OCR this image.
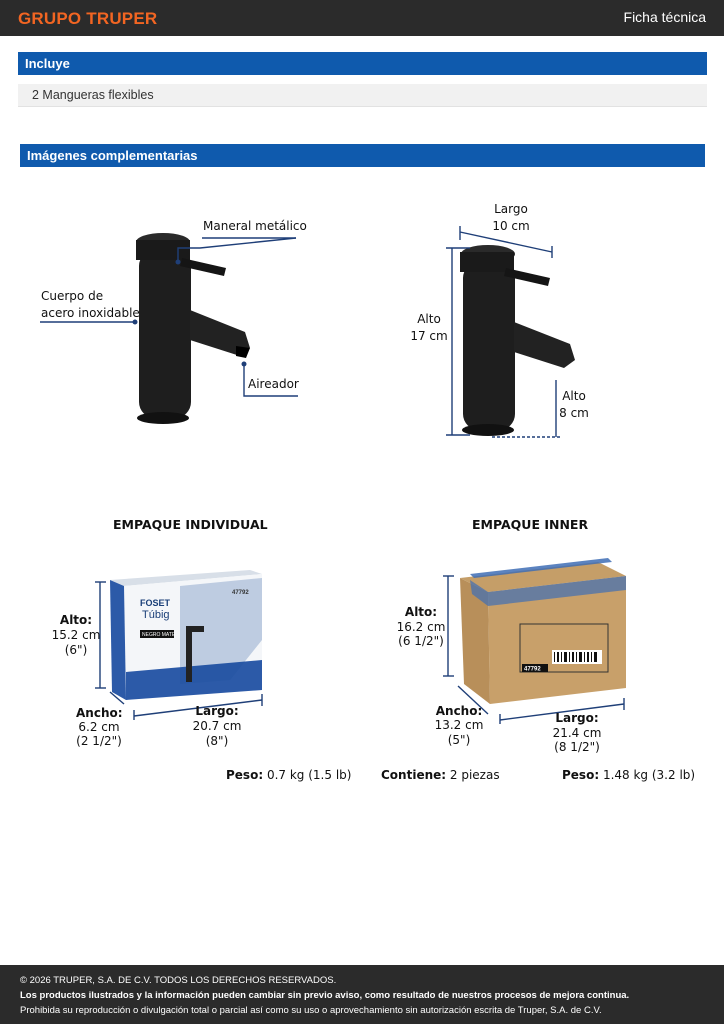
GRUPO TRUPER	Ficha técnica
Incluye
2 Mangueras flexibles
Imágenes complementarias
FOSET
Túbig
47792
NEGRO MATE
47792
Maneral metálico
Cuerpo de
acero inoxidable
Aireador
Largo
10 cm
Alto
17 cm
Alto
8 cm
EMPAQUE INDIVIDUAL
Alto:
15.2 cm
(6")
Ancho:
6.2 cm
(2 1/2")
Largo:
20.7 cm
(8")
Peso: 0.7 kg (1.5 lb)
EMPAQUE INNER
Alto:
16.2 cm
(6 1/2")
Ancho:
13.2 cm
(5")
Largo:
21.4 cm
(8 1/2")
Contiene: 2 piezas	Peso: 1.48 kg (3.2 lb)
© 2026 TRUPER, S.A. DE C.V. TODOS LOS DERECHOS RESERVADOS.
Los productos ilustrados y la información pueden cambiar sin previo aviso, como resultado de nuestros procesos de mejora continua.
Prohibida su reproducción o divulgación total o parcial así como su uso o aprovechamiento sin autorización escrita de Truper, S.A. de C.V.
